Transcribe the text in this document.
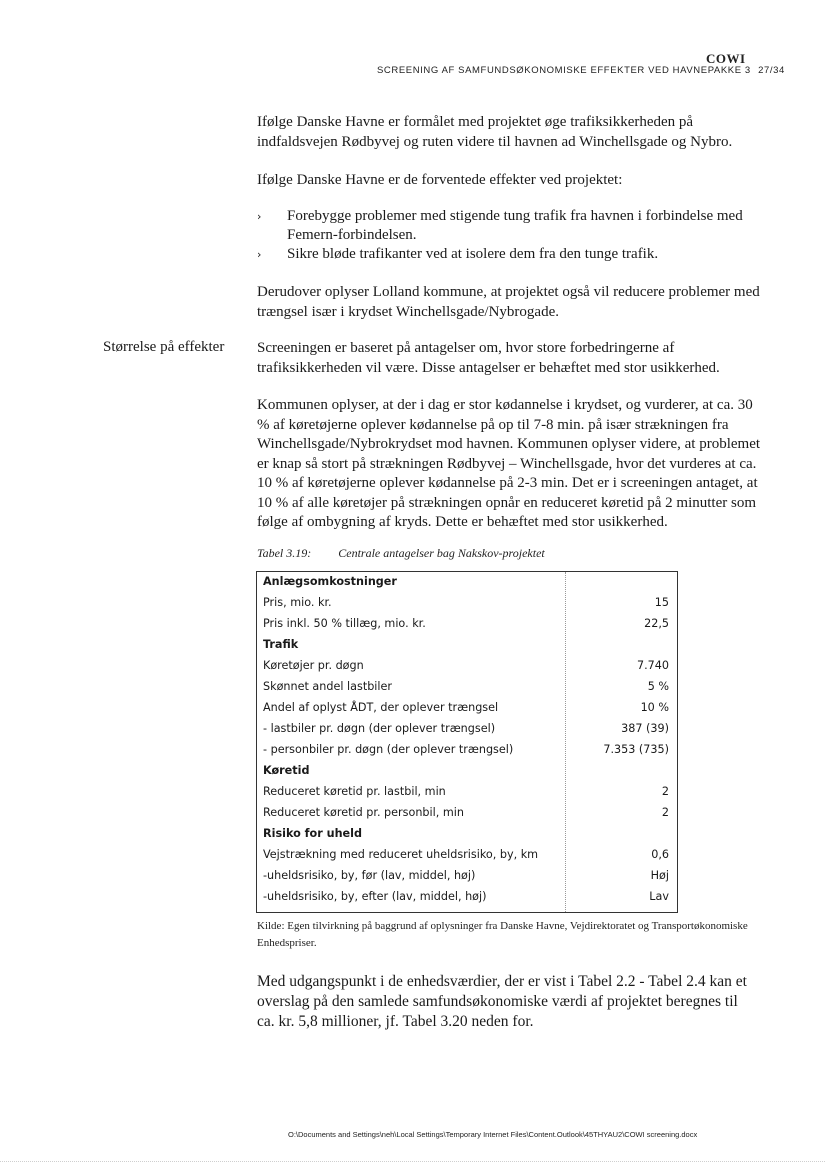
COWI
SCREENING AF SAMFUNDSØKONOMISKE EFFEKTER VED HAVNEPAKKE 3 27/34
Ifølge Danske Havne er formålet med projektet øge trafiksikkerheden på indfaldsvejen Rødbyvej og ruten videre til havnen ad Winchellsgade og Nybro.
Ifølge Danske Havne er de forventede effekter ved projektet:
› Forebygge problemer med stigende tung trafik fra havnen i forbindelse med Femern-forbindelsen.
› Sikre bløde trafikanter ved at isolere dem fra den tunge trafik.
Derudover oplyser Lolland kommune, at projektet også vil reducere problemer med trængsel især i krydset Winchellsgade/Nybrogade.
Størrelse på effekter Screeningen er baseret på antagelser om, hvor store forbedringerne af trafiksikkerheden vil være. Disse antagelser er behæftet med stor usikkerhed.
Kommunen oplyser, at der i dag er stor kødannelse i krydset, og vurderer, at ca. 30 % af køretøjerne oplever kødannelse på op til 7-8 min. på især strækningen fra Winchellsgade/Nybrokrydset mod havnen. Kommunen oplyser videre, at problemet er knap så stort på strækningen Rødbyvej – Winchellsgade, hvor det vurderes at ca. 10 % af køretøjerne oplever kødannelse på 2-3 min. Det er i screeningen antaget, at 10 % af alle køretøjer på strækningen opnår en reduceret køretid på 2 minutter som følge af ombygning af kryds. Dette er behæftet med stor usikkerhed.
Tabel 3.19: Centrale antagelser bag Nakskov-projektet
Anlægsomkostninger
Pris, mio. kr.	15
Pris inkl. 50 % tillæg, mio. kr.	22,5
Trafik
Køretøjer pr. døgn	7.740
Skønnet andel lastbiler	5 %
Andel af oplyst ÅDT, der oplever trængsel	10 %
- lastbiler pr. døgn (der oplever trængsel)	387 (39)
- personbiler pr. døgn (der oplever trængsel)	7.353 (735)
Køretid
Reduceret køretid pr. lastbil, min	2
Reduceret køretid pr. personbil, min	2
Risiko for uheld
Vejstrækning med reduceret uheldsrisiko, by, km	0,6
-uheldsrisiko, by, før (lav, middel, høj)	Høj
-uheldsrisiko, by, efter (lav, middel, høj)	Lav
Kilde: Egen tilvirkning på baggrund af oplysninger fra Danske Havne, Vejdirektoratet og Transportøkonomiske Enhedspriser.
Med udgangspunkt i de enhedsværdier, der er vist i Tabel 2.2 - Tabel 2.4 kan et overslag på den samlede samfundsøkonomiske værdi af projektet beregnes til ca. kr. 5,8 millioner, jf. Tabel 3.20 neden for.
O:\Documents and Settings\neh\Local Settings\Temporary Internet Files\Content.Outlook\45THYAU2\COWI screening.docx
